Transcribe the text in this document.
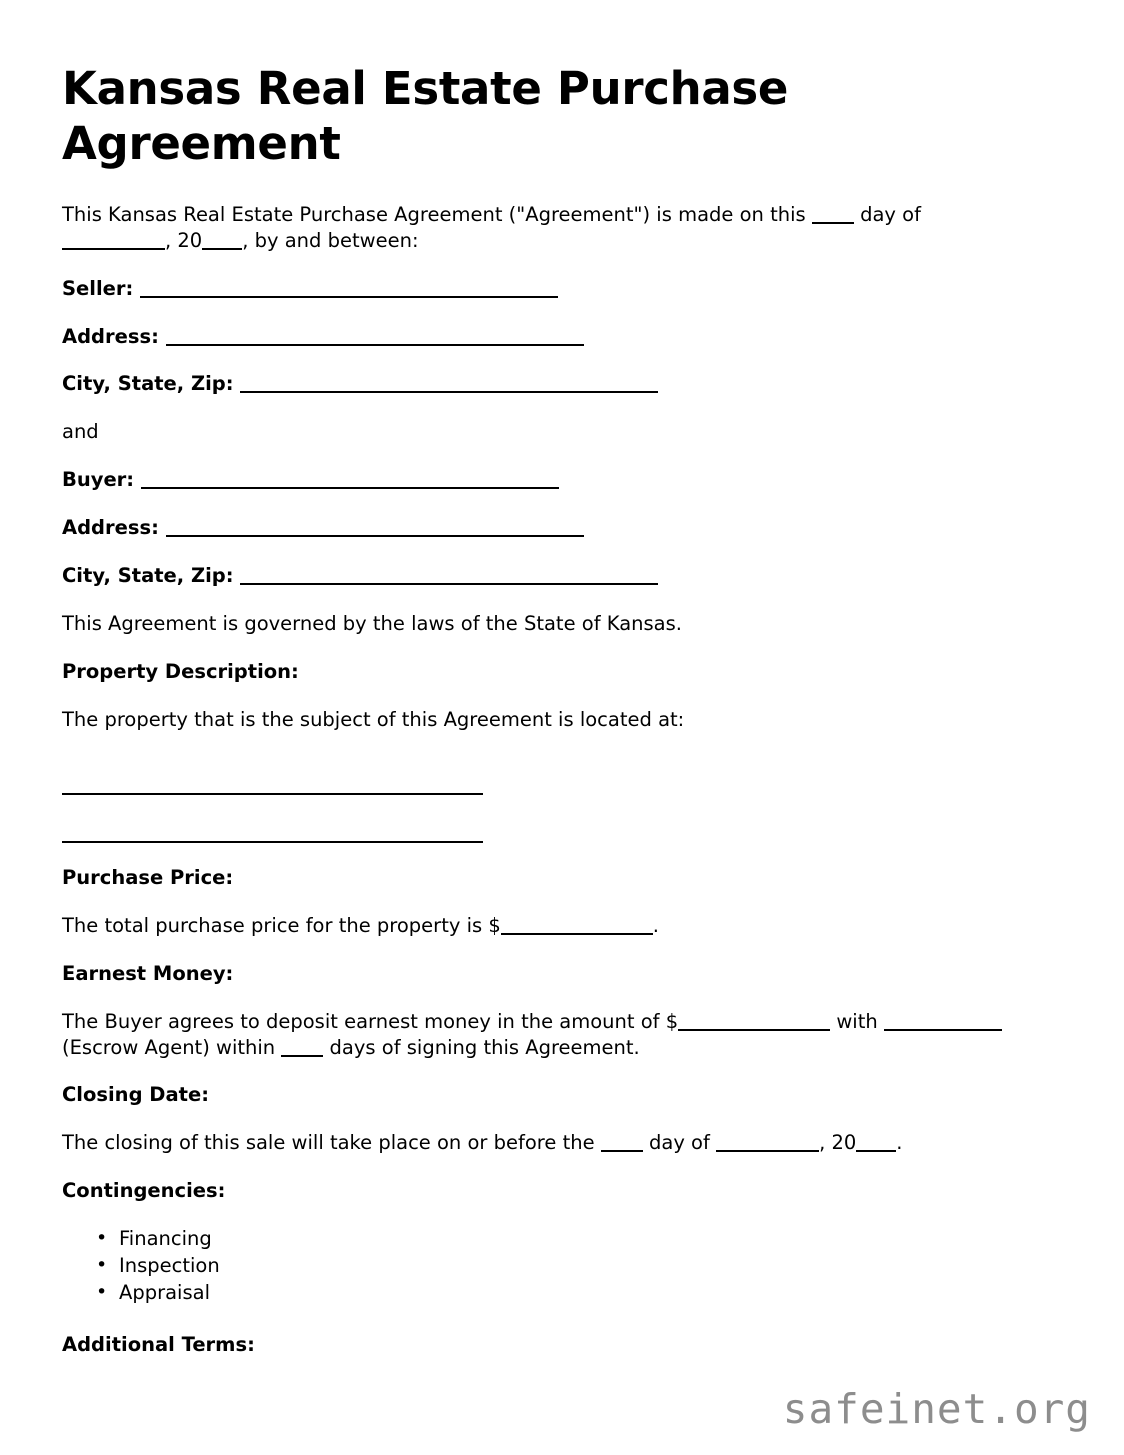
Kansas Real Estate Purchase Agreement

This Kansas Real Estate Purchase Agreement ("Agreement") is made on this  day of , 20 , by and between:

Seller:

Address:

City, State, Zip:

and

Buyer:

Address:

City, State, Zip:

This Agreement is governed by the laws of the State of Kansas.

Property Description:

The property that is the subject of this Agreement is located at:

Purchase Price:

The total purchase price for the property is $	.

Earnest Money:

The Buyer agrees to deposit earnest money in the amount of $	with  (Escrow Agent) within  days of signing this Agreement.

Closing Date:

The closing of this sale will take place on or before the  day of	, 20 .

Contingencies:
• Financing
• Inspection
• Appraisal
Additional Terms:
safeinet.org
